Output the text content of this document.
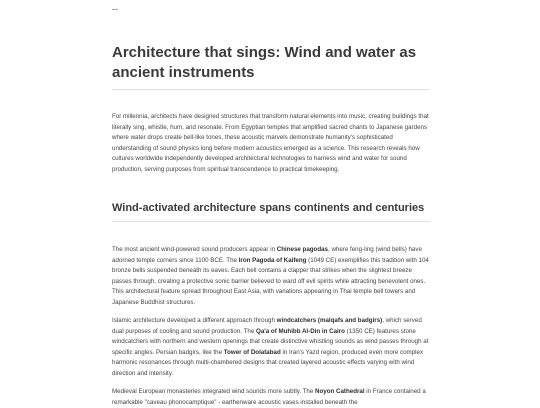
--
Architecture that sings: Wind and water as ancient instruments

For millennia, architects have designed structures that transform natural elements into music, creating buildings that literally sing, whistle, hum, and resonate. From Egyptian temples that amplified sacred chants to Japanese gardens where water drops create bell-like tones, these acoustic marvels demonstrate humanity's sophisticated understanding of sound physics long before modern acoustics emerged as a science. This research reveals how cultures worldwide independently developed architectural technologies to harness wind and water for sound production, serving purposes from spiritual transcendence to practical timekeeping.

Wind-activated architecture spans continents and centuries

The most ancient wind-powered sound producers appear in Chinese pagodas, where feng-ling (wind bells) have adorned temple corners since 1100 BCE. The Iron Pagoda of Kaifeng (1049 CE) exemplifies this tradition with 104 bronze bells suspended beneath its eaves. Each bell contains a clapper that strikes when the slightest breeze passes through, creating a protective sonic barrier believed to ward off evil spirits while attracting benevolent ones. This architectural feature spread throughout East Asia, with variations appearing in Thai temple bell towers and Japanese Buddhist structures.

Islamic architecture developed a different approach through windcatchers (malqafs and badgirs), which served dual purposes of cooling and sound production. The Qa'a of Muhibb Al-Din in Cairo (1350 CE) features stone windcatchers with northern and western openings that create distinctive whistling sounds as wind passes through at specific angles. Persian badgirs, like the Tower of Dolatabad in Iran's Yazd region, produced even more complex harmonic resonances through multi-chambered designs that created layered acoustic effects varying with wind direction and intensity.

Medieval European monasteries integrated wind sounds more subtly. The Noyon Cathedral in France contained a remarkable "caveau phonocamptique" - earthenware acoustic vases installed beneath the
